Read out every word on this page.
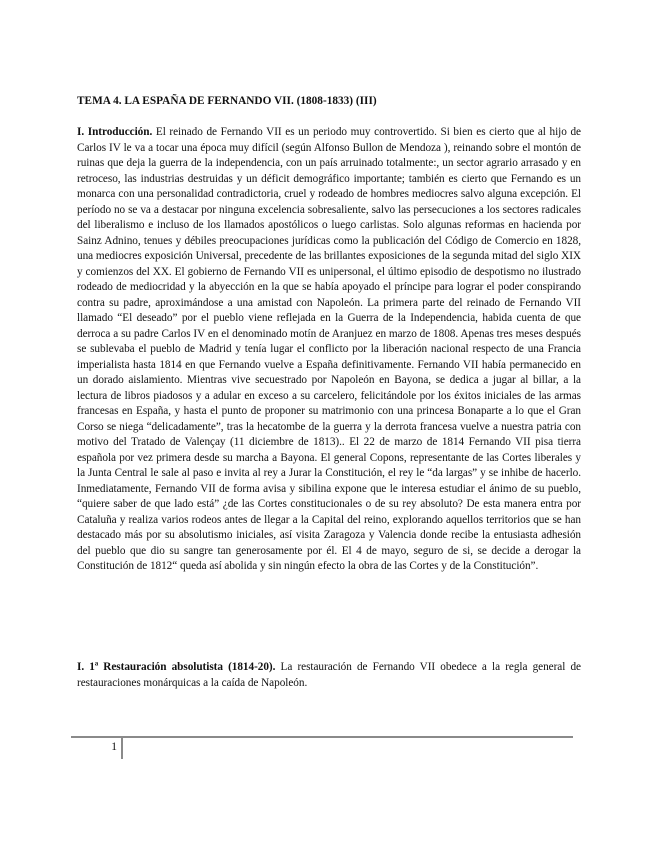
TEMA 4. LA ESPAÑA DE FERNANDO VII. (1808-1833) (III)

I. Introducción. El reinado de Fernando VII es un periodo muy controvertido. Si bien es cierto que al hijo de Carlos IV le va a tocar una época muy difícil (según Alfonso Bullon de Mendoza ), reinando sobre el montón de ruinas que deja la guerra de la independencia, con un país arruinado totalmente:, un sector agrario arrasado y en retroceso, las industrias destruidas y un déficit demográfico importante; también es cierto que Fernando es un monarca con una personalidad contradictoria, cruel y rodeado de hombres mediocres salvo alguna excepción. El período no se va a destacar por ninguna excelencia sobresaliente, salvo las persecuciones a los sectores radicales del liberalismo e incluso de los llamados apostólicos o luego carlistas. Solo algunas reformas en hacienda por Sainz Adnino, tenues y débiles preocupaciones jurídicas como la publicación del Código de Comercio en 1828, una mediocres exposición Universal, precedente de las brillantes exposiciones de la segunda mitad del siglo XIX y comienzos del XX. El gobierno de Fernando VII es unipersonal, el último episodio de despotismo no ilustrado rodeado de mediocridad y la abyección en la que se había apoyado el príncipe para lograr el poder conspirando contra su padre, aproximándose a una amistad con Napoleón. La primera parte del reinado de Fernando VII llamado “El deseado” por el pueblo viene reflejada en la Guerra de la Independencia, habida cuenta de que derroca a su padre Carlos IV en el denominado motín de Aranjuez en marzo de 1808. Apenas tres meses después se sublevaba el pueblo de Madrid y tenía lugar el conflicto por la liberación nacional respecto de una Francia imperialista hasta 1814 en que Fernando vuelve a España definitivamente. Fernando VII había permanecido en un dorado aislamiento. Mientras vive secuestrado por Napoleón en Bayona, se dedica a jugar al billar, a la lectura de libros piadosos y a adular en exceso a su carcelero, felicitándole por los éxitos iniciales de las armas francesas en España, y hasta el punto de proponer su matrimonio con una princesa Bonaparte a lo que el Gran Corso se niega “delicadamente”, tras la hecatombe de la guerra y la derrota francesa vuelve a nuestra patria con motivo del Tratado de Valençay (11 diciembre de 1813).. El 22 de marzo de 1814 Fernando VII pisa tierra española por vez primera desde su marcha a Bayona. El general Copons, representante de las Cortes liberales y la Junta Central le sale al paso e invita al rey a Jurar la Constitución, el rey le “da largas” y se inhibe de hacerlo. Inmediatamente, Fernando VII de forma avisa y sibilina expone que le interesa estudiar el ánimo de su pueblo, “quiere saber de que lado está” ¿de las Cortes constitucionales o de su rey absoluto? De esta manera entra por Cataluña y realiza varios rodeos antes de llegar a la Capital del reino, explorando aquellos territorios que se han destacado más por su absolutismo iniciales, así visita Zaragoza y Valencia donde recibe la entusiasta adhesión del pueblo que dio su sangre tan generosamente por él. El 4 de mayo, seguro de si, se decide a derogar la Constitución de 1812“ queda así abolida y sin ningún efecto la obra de las Cortes y de la Constitución”.

I. 1ª Restauración absolutista (1814-20). La restauración de Fernando VII obedece a la regla general de restauraciones monárquicas a la caída de Napoleón.

1
